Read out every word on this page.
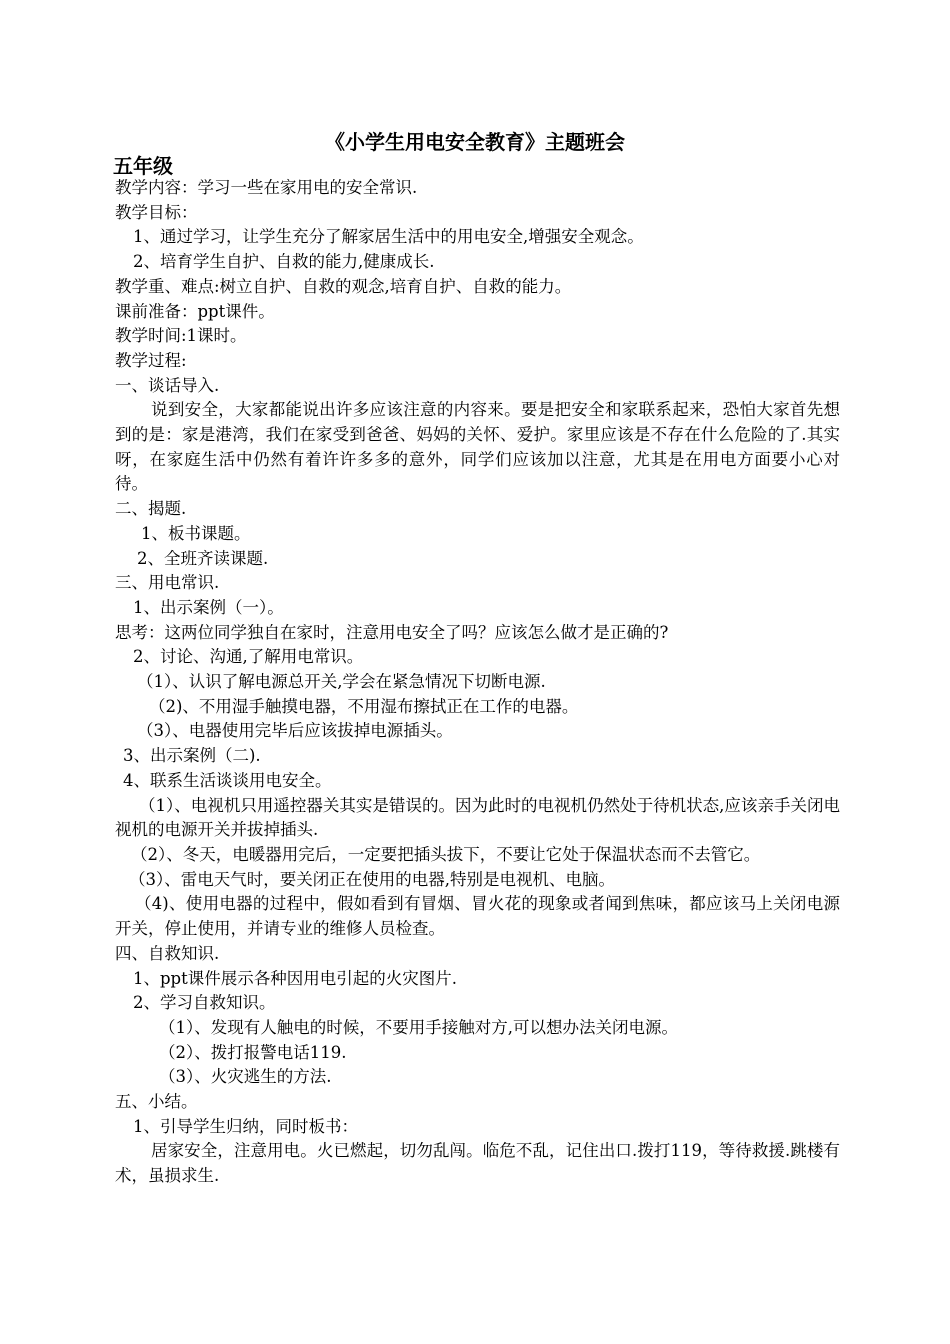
《小学生用电安全教育》主题班会
五年级

教学内容：学习一些在家用电的安全常识.

教学目标：

1、通过学习，让学生充分了解家居生活中的用电安全,增强安全观念。

2、培育学生自护、自救的能力,健康成长.

教学重、难点:树立自护、自救的观念,培育自护、自救的能力。

课前准备：ppt课件。

教学时间:1课时。

教学过程:

一、谈话导入.

说到安全，大家都能说出许多应该注意的内容来。要是把安全和家联系起来，恐怕大家首先想到的是：家是港湾，我们在家受到爸爸、妈妈的关怀、爱护。家里应该是不存在什么危险的了.其实呀，在家庭生活中仍然有着许许多多的意外，同学们应该加以注意，尤其是在用电方面要小心对待。

二、揭题.

1、板书课题。

2、全班齐读课题.

三、用电常识.

1、出示案例（一）。

思考：这两位同学独自在家时，注意用电安全了吗？应该怎么做才是正确的?

2、讨论、沟通,了解用电常识。

（1）、认识了解电源总开关,学会在紧急情况下切断电源.

（2)、不用湿手触摸电器，不用湿布擦拭正在工作的电器。

（3）、电器使用完毕后应该拔掉电源插头。

3、出示案例（二).

4、联系生活谈谈用电安全。

（1）、电视机只用遥控器关其实是错误的。因为此时的电视机仍然处于待机状态,应该亲手关闭电视机的电源开关并拔掉插头.

（2）、冬天，电暖器用完后，一定要把插头拔下，不要让它处于保温状态而不去管它。

（3）、雷电天气时，要关闭正在使用的电器,特别是电视机、电脑。

（4)、使用电器的过程中，假如看到有冒烟、冒火花的现象或者闻到焦味，都应该马上关闭电源开关，停止使用，并请专业的维修人员检查。

四、自救知识.

1、ppt课件展示各种因用电引起的火灾图片.

2、学习自救知识。

（1）、发现有人触电的时候，不要用手接触对方,可以想办法关闭电源。

（2）、拨打报警电话119.

（3）、火灾逃生的方法.

五、小结。

1、引导学生归纳，同时板书：

居家安全，注意用电。火已燃起，切勿乱闯。临危不乱，记住出口.拨打119，等待救援.跳楼有术，虽损求生.
